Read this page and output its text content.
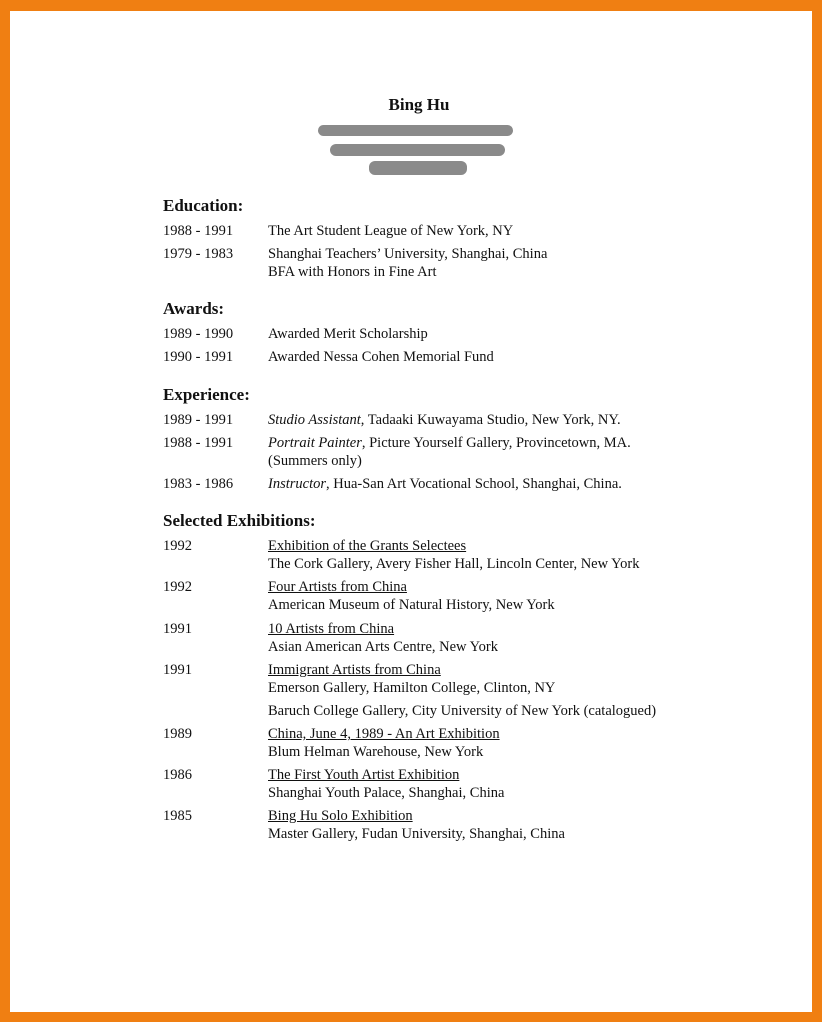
Bing Hu
Education:
1988 - 1991 The Art Student League of New York, NY
1979 - 1983 Shanghai Teachers’ University, Shanghai, China
BFA with Honors in Fine Art
Awards:
1989 - 1990 Awarded Merit Scholarship
1990 - 1991 Awarded Nessa Cohen Memorial Fund
Experience:
1989 - 1991 Studio Assistant, Tadaaki Kuwayama Studio, New York, NY.
1988 - 1991 Portrait Painter, Picture Yourself Gallery, Provincetown, MA.
(Summers only)
1983 - 1986 Instructor, Hua-San Art Vocational School, Shanghai, China.
Selected Exhibitions:
1992	Exhibition of the Grants Selectees
The Cork Gallery, Avery Fisher Hall, Lincoln Center, New York
1992	Four Artists from China
American Museum of Natural History, New York
1991	10 Artists from China
Asian American Arts Centre, New York
1991	Immigrant Artists from China
Emerson Gallery, Hamilton College, Clinton, NY
Baruch College Gallery, City University of New York (catalogued)
1989	China, June 4, 1989 - An Art Exhibition
Blum Helman Warehouse, New York
1986	The First Youth Artist Exhibition
Shanghai Youth Palace, Shanghai, China
1985	Bing Hu Solo Exhibition
Master Gallery, Fudan University, Shanghai, China
